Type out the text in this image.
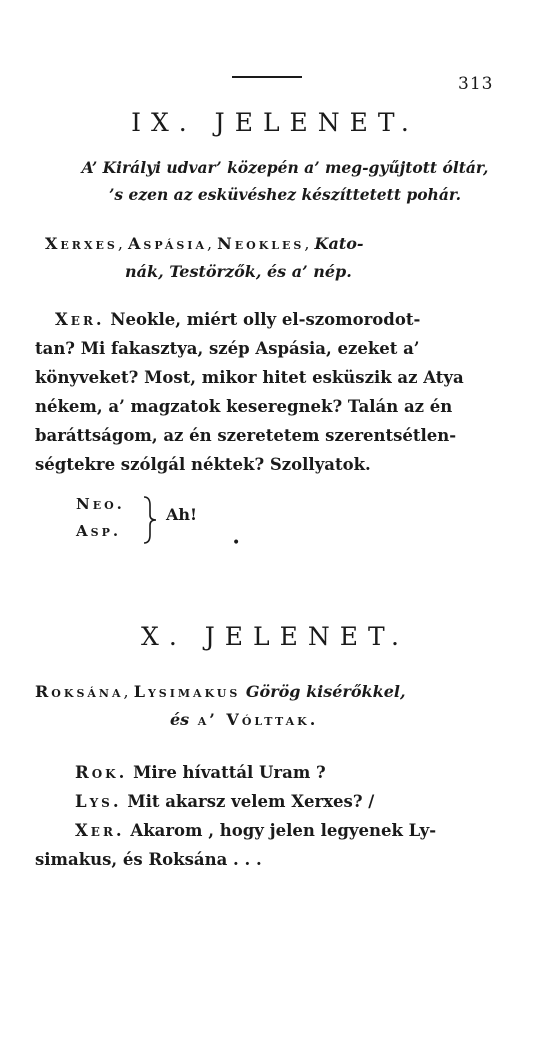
313
IX. JELENET.
A’ Királyi udvar’ közepén a’ meg-gyűjtott óltár,
’s ezen az esküvéshez készíttetett pohár.
Xerxes, Aspásia, Neokles, Kato-
nák, Testörzők, és a’ nép.
Xer. Neokle, miért olly el-szomorodot-
tan? Mi fakasztya, szép Aspásia, ezeket a’
könyveket? Most, mikor hitet esküszik az Atya
nékem, a’ magzatok keseregnek? Talán az én
baráttságom, az én szeretetem szerentsétlen-
ségtekre szólgál néktek? Szollyatok.
Neo.
Asp.
Ah!
•
X. JELENET.
Roksána, Lysimakus Görög kisérőkkel,
és a’ Vólttak.
Rok. Mire hívattál Uram ?
Lys. Mit akarsz velem Xerxes? /
Xer. Akarom , hogy jelen legyenek Ly-
simakus, és Roksána . . .
